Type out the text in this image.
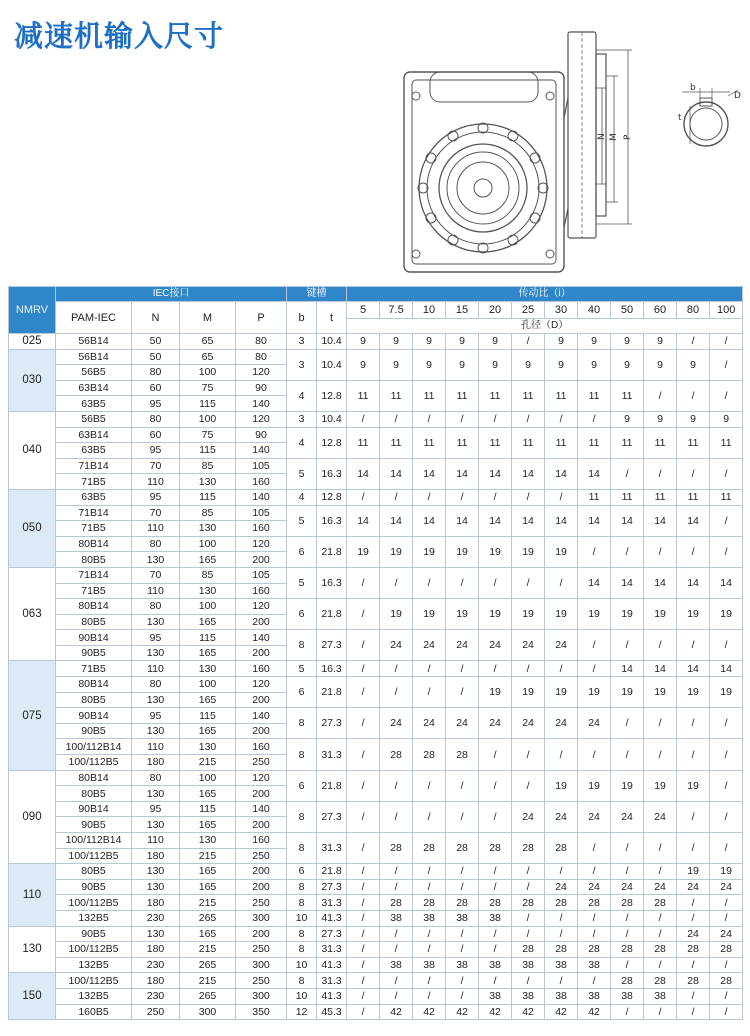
减速机输入尺寸
N M P
b
t
D
NMRV	IEC接口				键槽		传动比（i）											
	PAM-IEC	N	M	P	b	t	5	7.5	10	15	20	25	30	40	50	60	80	100
							孔径（D）											
025	56B14	50	65	80	3	10.4	9	9	9	9	9	/	9	9	9	9	/	/
030	56B14	50	65	80	3	10.4	9	9	9	9	9	9	9	9	9	9	9	/
	56B5	80	100	120														
	63B14	60	75	90	4	12.8	11	11	11	11	11	11	11	11	11	/	/	/
	63B5	95	115	140														
040	56B5	80	100	120	3	10.4	/	/	/	/	/	/	/	/	9	9	9	9
	63B14	60	75	90	4	12.8	11	11	11	11	11	11	11	11	11	11	11	11
	63B5	95	115	140														
	71B14	70	85	105	5	16.3	14	14	14	14	14	14	14	14	/	/	/	/
	71B5	110	130	160														
050	63B5	95	115	140	4	12.8	/	/	/	/	/	/	/	11	11	11	11	11
	71B14	70	85	105	5	16.3	14	14	14	14	14	14	14	14	14	14	14	/
	71B5	110	130	160														
	80B14	80	100	120	6	21.8	19	19	19	19	19	19	19	/	/	/	/	/
	80B5	130	165	200														
063	71B14	70	85	105	5	16.3	/	/	/	/	/	/	/	14	14	14	14	14
	71B5	110	130	160														
	80B14	80	100	120	6	21.8	/	19	19	19	19	19	19	19	19	19	19	19
	80B5	130	165	200														
	90B14	95	115	140	8	27.3	/	24	24	24	24	24	24	/	/	/	/	/
	90B5	130	165	200														
075	71B5	110	130	160	5	16.3	/	/	/	/	/	/	/	/	14	14	14	14
	80B14	80	100	120	6	21.8	/	/	/	/	19	19	19	19	19	19	19	19
	80B5	130	165	200														
	90B14	95	115	140	8	27.3	/	24	24	24	24	24	24	24	/	/	/	/
	90B5	130	165	200														
	100/112B14	110	130	160	8	31.3	/	28	28	28	/	/	/	/	/	/	/	/
	100/112B5	180	215	250														
090	80B14	80	100	120	6	21.8	/	/	/	/	/	/	19	19	19	19	19	/
	80B5	130	165	200														
	90B14	95	115	140	8	27.3	/	/	/	/	/	24	24	24	24	24	/	/
	90B5	130	165	200														
	100/112B14	110	130	160	8	31.3	/	28	28	28	28	28	28	/	/	/	/	/
	100/112B5	180	215	250														
110	80B5	130	165	200	6	21.8	/	/	/	/	/	/	/	/	/	/	19	19
	90B5	130	165	200	8	27.3	/	/	/	/	/	/	24	24	24	24	24	24
	100/112B5	180	215	250	8	31.3	/	28	28	28	28	28	28	28	28	28	/	/
	132B5	230	265	300	10	41.3	/	38	38	38	38	/	/	/	/	/	/	/
130	90B5	130	165	200	8	27.3	/	/	/	/	/	/	/	/	/	/	24	24
	100/112B5	180	215	250	8	31.3	/	/	/	/	/	28	28	28	28	28	28	28
	132B5	230	265	300	10	41.3	/	38	38	38	38	38	38	38	/	/	/	/
150	100/112B5	180	215	250	8	31.3	/	/	/	/	/	/	/	/	28	28	28	28
	132B5	230	265	300	10	41.3	/	/	/	/	38	38	38	38	38	38	/	/
	160B5	250	300	350	12	45.3	/	42	42	42	42	42	42	42	/	/	/	/
